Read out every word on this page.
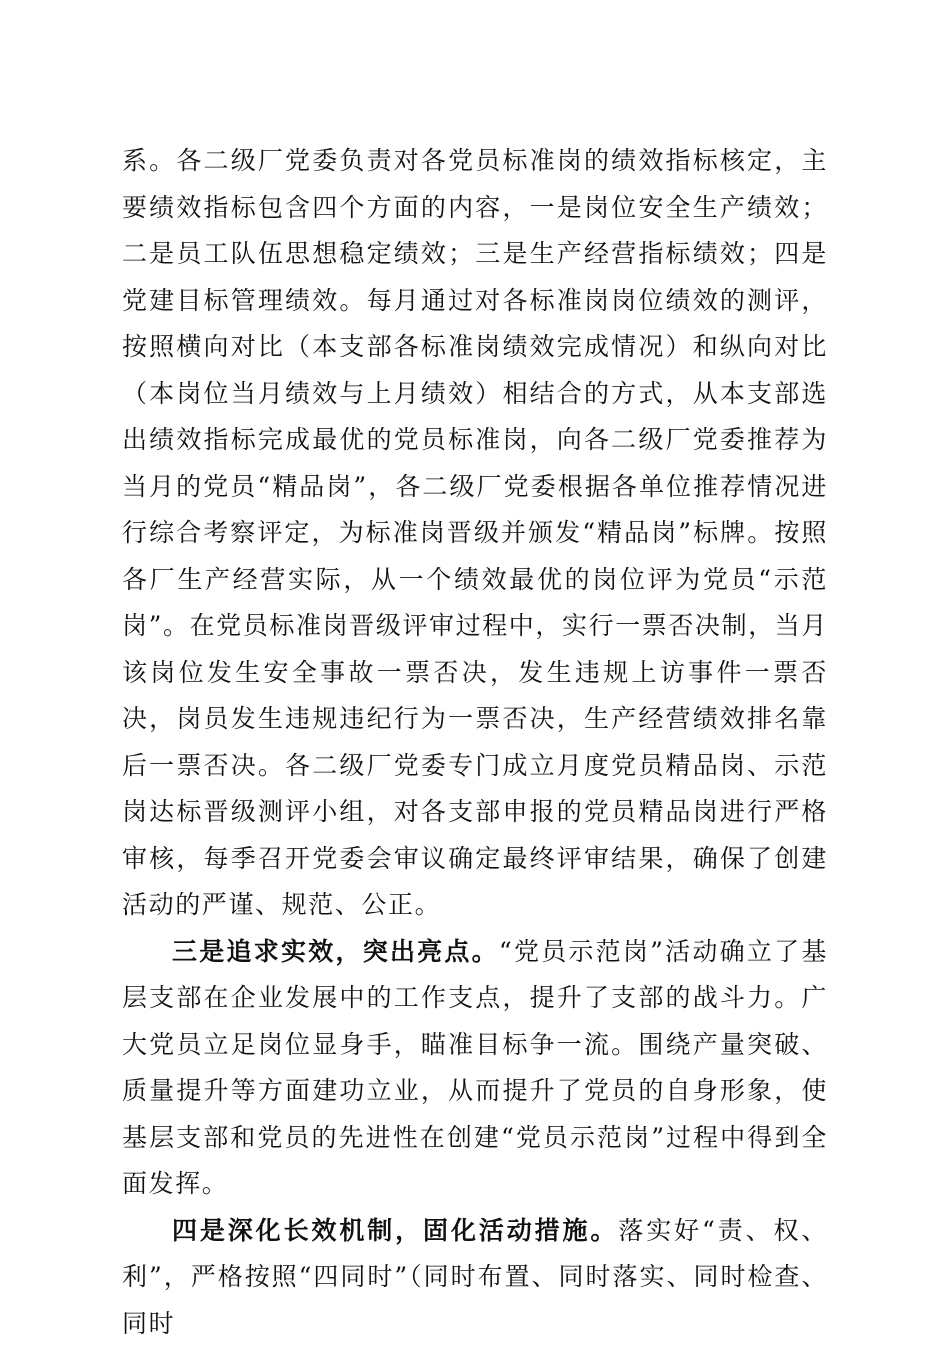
系。各二级厂党委负责对各党员标准岗的绩效指标核定，主要绩效指标包含四个方面的内容，一是岗位安全生产绩效；二是员工队伍思想稳定绩效；三是生产经营指标绩效；四是党建目标管理绩效。每月通过对各标准岗岗位绩效的测评，按照横向对比（本支部各标准岗绩效完成情况）和纵向对比（本岗位当月绩效与上月绩效）相结合的方式，从本支部选出绩效指标完成最优的党员标准岗，向各二级厂党委推荐为当月的党员“精品岗”，各二级厂党委根据各单位推荐情况进行综合考察评定，为标准岗晋级并颁发“精品岗”标牌。按照各厂生产经营实际，从一个绩效最优的岗位评为党员“示范岗”。在党员标准岗晋级评审过程中，实行一票否决制，当月该岗位发生安全事故一票否决，发生违规上访事件一票否决，岗员发生违规违纪行为一票否决，生产经营绩效排名靠后一票否决。各二级厂党委专门成立月度党员精品岗、示范岗达标晋级测评小组，对各支部申报的党员精品岗进行严格审核，每季召开党委会审议确定最终评审结果，确保了创建活动的严谨、规范、公正。

三是追求实效，突出亮点。“党员示范岗”活动确立了基层支部在企业发展中的工作支点，提升了支部的战斗力。广大党员立足岗位显身手，瞄准目标争一流。围绕产量突破、质量提升等方面建功立业，从而提升了党员的自身形象，使基层支部和党员的先进性在创建“党员示范岗”过程中得到全面发挥。

四是深化长效机制，固化活动措施。落实好“责、权、利”，严格按照“四同时”（同时布置、同时落实、同时检查、同时
